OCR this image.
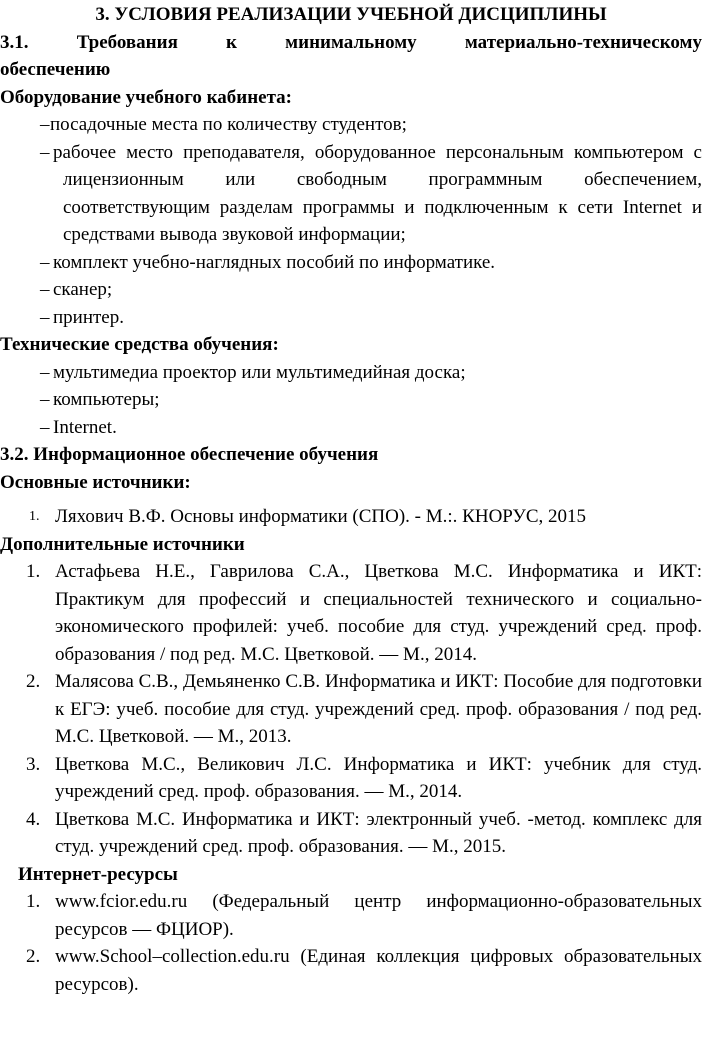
3. УСЛОВИЯ РЕАЛИЗАЦИИ УЧЕБНОЙ ДИСЦИПЛИНЫ

3.1. Требования к минимальному материально-техническому

обеспечению

Оборудование учебного кабинета:

– посадочные места по количеству студентов;

– рабочее место преподавателя, оборудованное персональным компьютером с лицензионным или свободным программным обеспечением, соответствующим разделам программы и подключенным к сети Internet и средствами вывода звуковой информации;

– комплект учебно-наглядных пособий по информатике.

– сканер;

– принтер.

Технические средства обучения:

– мультимедиа проектор или мультимедийная доска;

– компьютеры;

– Internet.

3.2. Информационное обеспечение обучения

Основные источники:

1. Ляхович В.Ф. Основы информатики (СПО). - М.:. КНОРУС, 2015

Дополнительные источники

1. Астафьева Н.Е., Гаврилова С.А., Цветкова М.С. Информатика и ИКТ: Практикум для профессий и специальностей технического и социально-экономического профилей: учеб. пособие для студ. учреждений сред. проф. образования / под ред. М.С. Цветковой. — М., 2014.

2. Малясова С.В., Демьяненко С.В. Информатика и ИКТ: Пособие для подготовки к ЕГЭ: учеб. пособие для студ. учреждений сред. проф. образования / под ред. М.С. Цветковой. — М., 2013.

3. Цветкова М.С., Великович Л.С. Информатика и ИКТ: учебник для студ. учреждений сред. проф. образования. — М., 2014.

4. Цветкова М.С. Информатика и ИКТ: электронный учеб. -метод. комплекс для студ. учреждений сред. проф. образования. — М., 2015.

Интернет-ресурсы

1. www.fcior.edu.ru (Федеральный центр информационно-образовательных ресурсов — ФЦИОР).

2. www.School–collection.edu.ru (Единая коллекция цифровых образовательных ресурсов).
